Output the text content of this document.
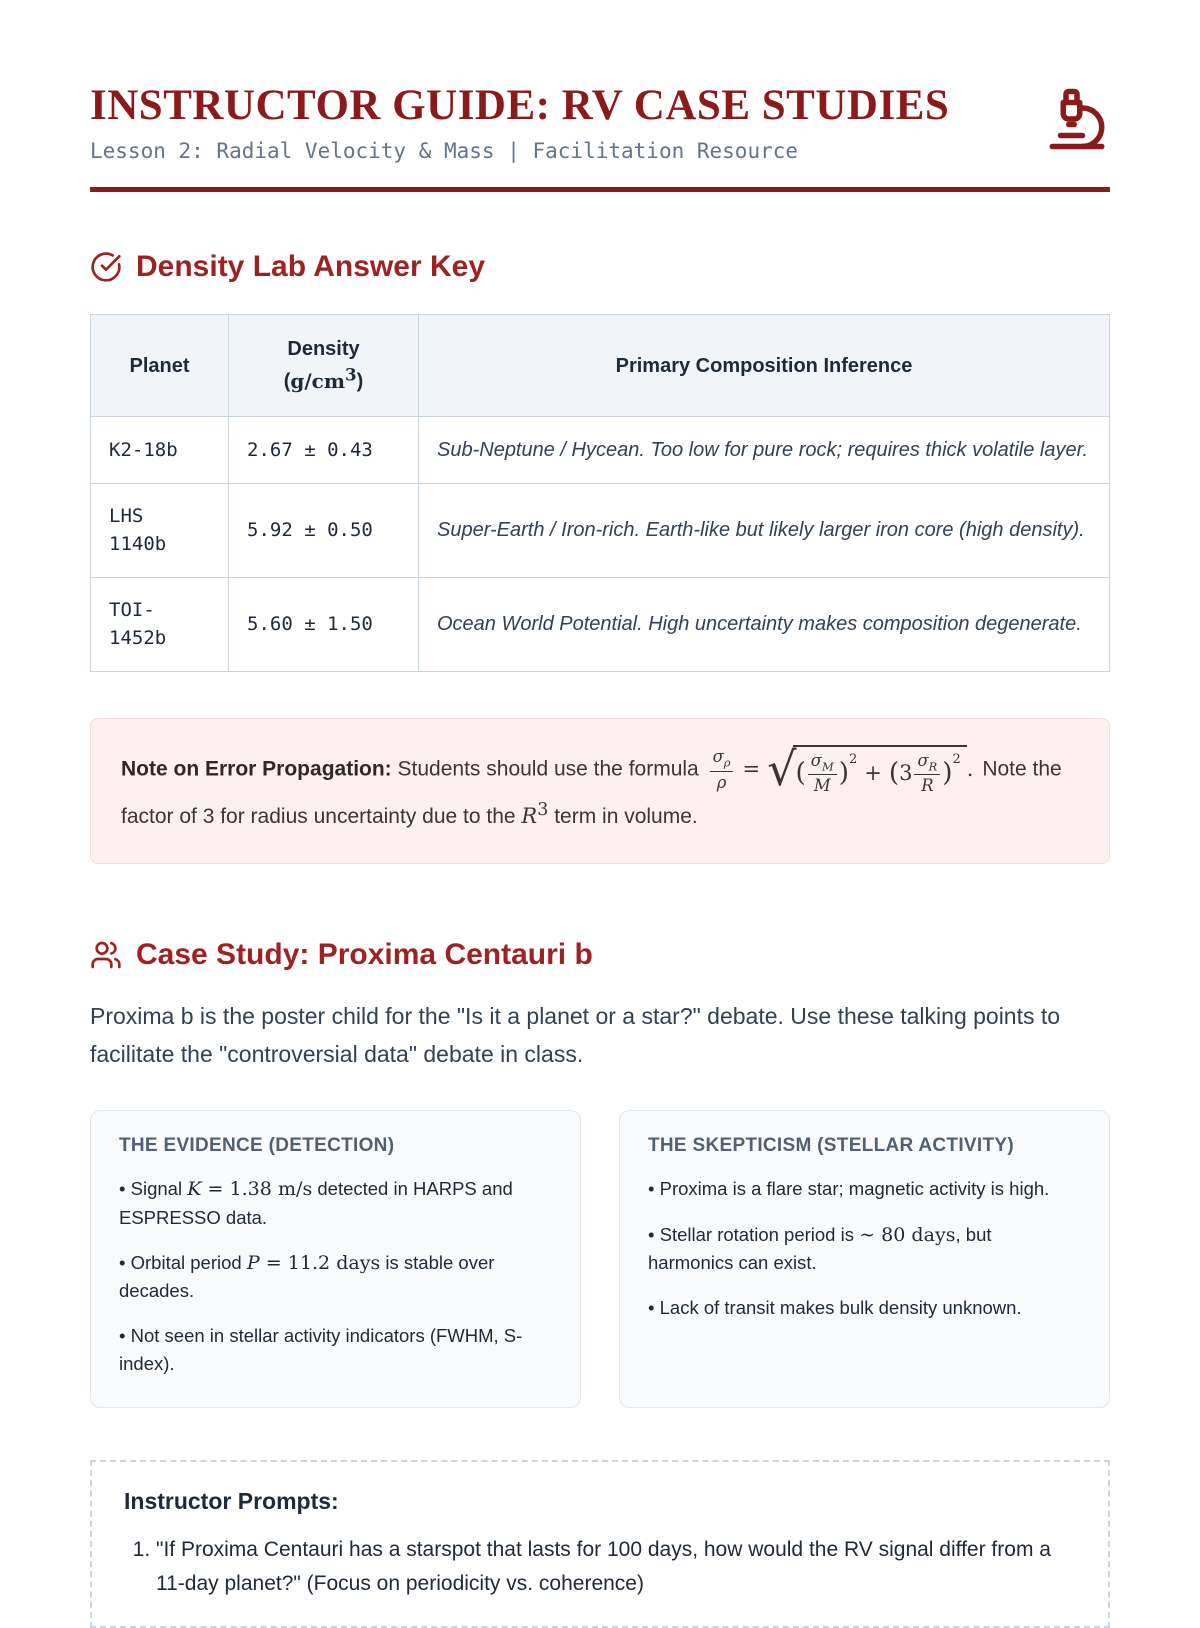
INSTRUCTOR GUIDE: RV CASE STUDIES
Lesson 2: Radial Velocity & Mass | Facilitation Resource
Density Lab Answer Key
Planet	Density $(g/cm^3)$	Primary Composition Inference
K2-18b	2.67 ± 0.43	Sub-Neptune / Hycean. Too low for pure rock; requires thick volatile layer.
LHS 1140b	5.92 ± 0.50	Super-Earth / Iron-rich. Earth-like but likely larger iron core (high density).
TOI-1452b	5.60 ± 1.50	Ocean World Potential. High uncertainty makes composition degenerate.
Note on Error Propagation: Students should use the formula $\frac{\sigma_\rho}{\rho}$ = √ ( $\frac{\sigma_M}{M} )^2$
+ ( $3 \frac{\sigma_R}{R} )^2$ . Note the factor of 3 for radius uncertainty due to the $R^3$ term in volume.
Case Study: Proxima Centauri b

Proxima b is the poster child for the "Is it a planet or a star?" debate. Use these talking points to facilitate the "controversial data" debate in class.

THE EVIDENCE (DETECTION)
• Signal K = 1.38 m/s detected in HARPS and ESPRESSO data.
• Orbital period P = 11.2 days is stable over decades.
• Not seen in stellar activity indicators (FWHM, S-index).
THE SKEPTICISM (STELLAR ACTIVITY)
• Proxima is a flare star; magnetic activity is high.
• Stellar rotation period is ∼ 80 days, but harmonics can exist.
• Lack of transit makes bulk density unknown.
Instructor Prompts:
1. "If Proxima Centauri has a starspot that lasts for 100 days, how would the RV signal differ from a 11-day planet?" (Focus on periodicity vs. coherence)
